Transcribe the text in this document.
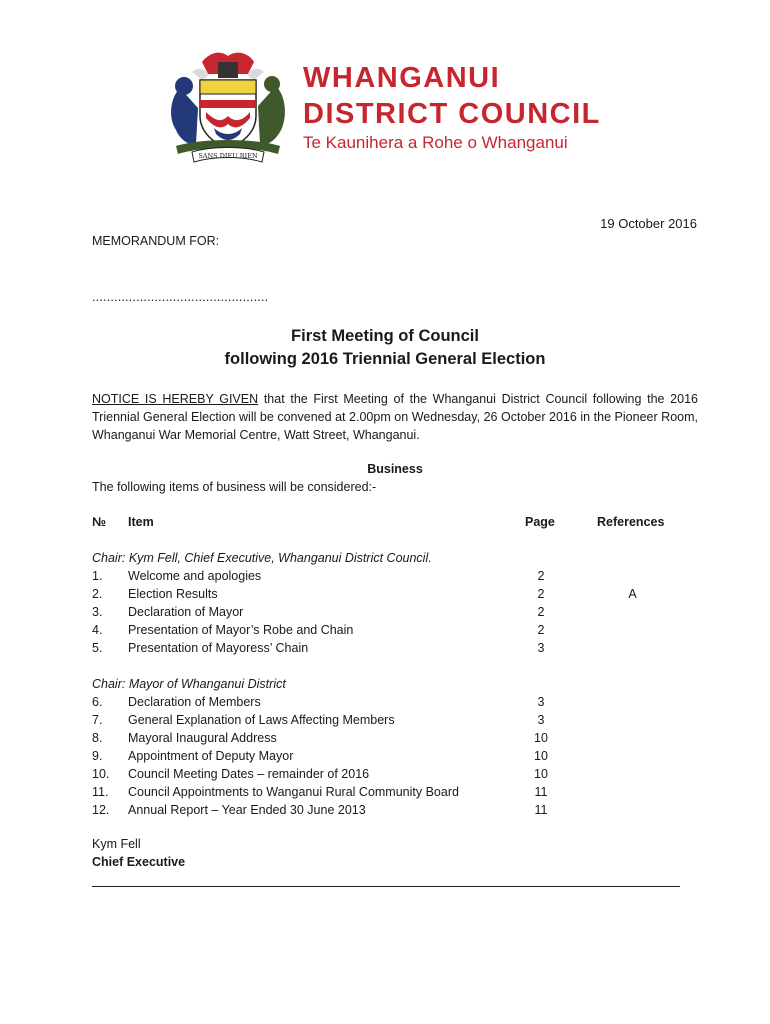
SANS DIEU RIEN
WHANGANUI
DISTRICT COUNCIL
Te Kaunihera a Rohe o Whanganui
19 October 2016
MEMORANDUM FOR:
................................................
First Meeting of Council
following 2016 Triennial General Election
NOTICE IS HEREBY GIVEN that the First Meeting of the Whanganui District Council following the 2016 Triennial General Election will be convened at 2.00pm on Wednesday, 26 October 2016 in the Pioneer Room, Whanganui War Memorial Centre, Watt Street, Whanganui.
Business
The following items of business will be considered:-
№ Item	Page	References
Chair: Kym Fell, Chief Executive, Whanganui District Council.
1. Welcome and apologies	2
2. Election Results	2	A
3. Declaration of Mayor	2
4. Presentation of Mayor’s Robe and Chain	2
5. Presentation of Mayoress’ Chain	3
Chair: Mayor of Whanganui District
6. Declaration of Members	3
7. General Explanation of Laws Affecting Members	3
8. Mayoral Inaugural Address	10
9. Appointment of Deputy Mayor	10
10. Council Meeting Dates – remainder of 2016	10
11. Council Appointments to Wanganui Rural Community Board	11
12. Annual Report – Year Ended 30 June 2013	11
Kym Fell
Chief Executive
